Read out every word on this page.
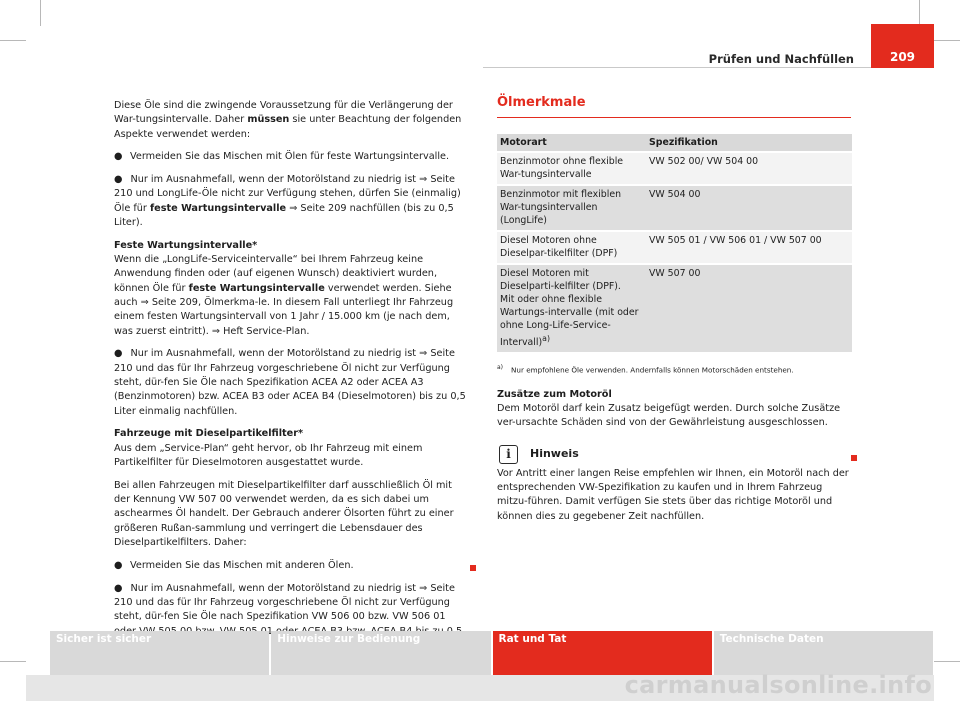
Prüfen und Nachfüllen	209

Diese Öle sind die zwingende Voraussetzung für die Verlängerung der War-tungsintervalle. Daher müssen sie unter Beachtung der folgenden Aspekte verwendet werden:

● Vermeiden Sie das Mischen mit Ölen für feste Wartungsintervalle.

● Nur im Ausnahmefall, wenn der Motorölstand zu niedrig ist ⇒ Seite 210 und LongLife-Öle nicht zur Verfügung stehen, dürfen Sie (einmalig) Öle für feste Wartungsintervalle ⇒ Seite 209 nachfüllen (bis zu 0,5 Liter).

Feste Wartungsintervalle*

Wenn die „LongLife-Serviceintervalle“ bei Ihrem Fahrzeug keine Anwendung finden oder (auf eigenen Wunsch) deaktiviert wurden, können Öle für feste Wartungsintervalle verwendet werden. Siehe auch ⇒ Seite 209, Ölmerkma-le. In diesem Fall unterliegt Ihr Fahrzeug einem festen Wartungsintervall von 1 Jahr / 15.000 km (je nach dem, was zuerst eintritt). ⇒ Heft Service-Plan.

● Nur im Ausnahmefall, wenn der Motorölstand zu niedrig ist ⇒ Seite 210 und das für Ihr Fahrzeug vorgeschriebene Öl nicht zur Verfügung steht, dür-fen Sie Öle nach Spezifikation ACEA A2 oder ACEA A3 (Benzinmotoren) bzw. ACEA B3 oder ACEA B4 (Dieselmotoren) bis zu 0,5 Liter einmalig nachfüllen.

Fahrzeuge mit Dieselpartikelfilter*

Aus dem „Service-Plan“ geht hervor, ob Ihr Fahrzeug mit einem Partikelfilter für Dieselmotoren ausgestattet wurde.

Bei allen Fahrzeugen mit Dieselpartikelfilter darf ausschließlich Öl mit der Kennung VW 507 00 verwendet werden, da es sich dabei um aschearmes Öl handelt. Der Gebrauch anderer Ölsorten führt zu einer größeren Rußan-sammlung und verringert die Lebensdauer des Dieselpartikelfilters. Daher:

● Vermeiden Sie das Mischen mit anderen Ölen.

● Nur im Ausnahmefall, wenn der Motorölstand zu niedrig ist ⇒ Seite 210 und das für Ihr Fahrzeug vorgeschriebene Öl nicht zur Verfügung steht, dür-fen Sie Öle nach Spezifikation VW 506 00 bzw. VW 506 01

Ölmerkmale
Motorart	Spezifikation
Benzinmotor ohne flexible War-tungsintervalle	VW 502 00/ VW 504 00
Benzinmotor mit flexiblen War-tungsintervallen (LongLife)	VW 504 00
Diesel Motoren ohne Dieselpar-tikelfilter (DPF)	VW 505 01 / VW 506 01 / VW 507 00
Diesel Motoren mit Dieselparti-kelfilter (DPF).
Mit oder ohne flexible Wartungs-intervalle (mit oder ohne Long-Life-Service-Intervall)$^{a)}$	VW 507 00
$^{a)}$ Nur empfohlene Öle verwenden. Andernfalls können Motorschäden entstehen.

Zusätze zum Motoröl

Dem Motoröl darf kein Zusatz beigefügt werden. Durch solche Zusätze ver-ursachte Schäden sind von der Gewährleistung ausgeschlossen.

i	Hinweis

Vor Antritt einer langen Reise empfehlen wir Ihnen, ein Motoröl nach der entsprechenden VW-Spezifikation zu kaufen und in Ihrem Fahrzeug mitzu-führen. Damit verfügen Sie stets über das richtige Motoröl und können dies zu gegebener Zeit nachfüllen.

Sicher ist sicher	Hinweise zur Bedienung	Rat und Tat	Technische Daten
carmanualsonline.info
